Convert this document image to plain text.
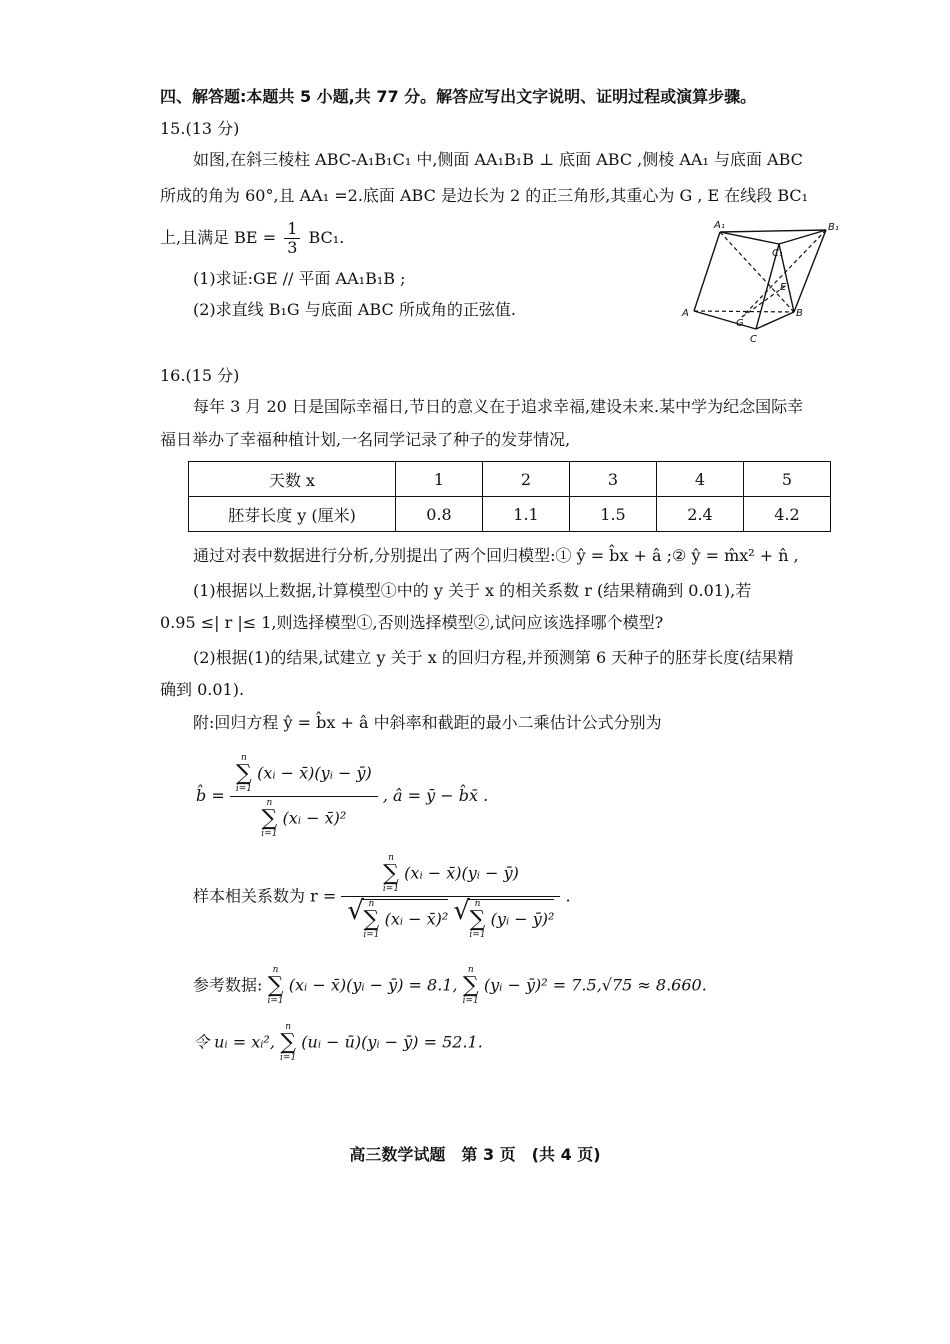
四、解答题:本题共 5 小题,共 77 分。解答应写出文字说明、证明过程或演算步骤。
15.(13 分)
如图,在斜三棱柱 ABC-A₁B₁C₁ 中,侧面 AA₁B₁B ⊥ 底面 ABC ,侧棱 AA₁ 与底面 ABC
所成的角为 60°,且 AA₁ =2.底面 ABC 是边长为 2 的正三角形,其重心为 G , E 在线段 BC₁
上,且满足 BE = $\frac{1}{3} BC_1$.
(1)求证:GE // 平面 AA₁B₁B ;
(2)求直线 B₁G 与底面 ABC 所成角的正弦值.
A₁	B₁
C₁
E
A
G
B
C
16.(15 分)
每年 3 月 20 日是国际幸福日,节日的意义在于追求幸福,建设未来.某中学为纪念国际幸
福日举办了幸福种植计划,一名同学记录了种子的发芽情况,
天数 x	1	2	3	4	5
胚芽长度 y (厘米)	0.8	1.1	1.5	2.4	4.2
通过对表中数据进行分析,分别提出了两个回归模型:① ŷ = b̂x + â ;② ŷ = m̂x² + n̂ ,
(1)根据以上数据,计算模型①中的 y 关于 x 的相关系数 r (结果精确到 0.01),若
0.95 ≤| r |≤ 1,则选择模型①,否则选择模型②,试问应该选择哪个模型?
(2)根据(1)的结果,试建立 y 关于 x 的回归方程,并预测第 6 天种子的胚芽长度(结果精
确到 0.01).
附:回归方程 ŷ = b̂x + â 中斜率和截距的最小二乘估计公式分别为
b̂ = n
∑
i=1
(xᵢ − x̄)(yᵢ − ȳ)
n
∑
i=1
(xᵢ − x̄)² , â = ȳ − b̂x̄ .
样本相关系数为 r =
n
∑
i=1
(xᵢ − x̄)(yᵢ − ȳ)
√ n
∑
i=1
(xᵢ − x̄)²
√ n
∑
i=1
(yᵢ − ȳ)²
.
参考数据:
n
∑
i=1
(xᵢ − x̄)(yᵢ − ȳ) = 8.1,
n
∑
i=1
(yᵢ − ȳ)² = 7.5,√75 ≈ 8.660.
令 uᵢ = xᵢ²,
n
∑
i=1
(uᵢ − ū)(yᵢ − ȳ) = 52.1.
高三数学试题　第 3 页　(共 4 页)
